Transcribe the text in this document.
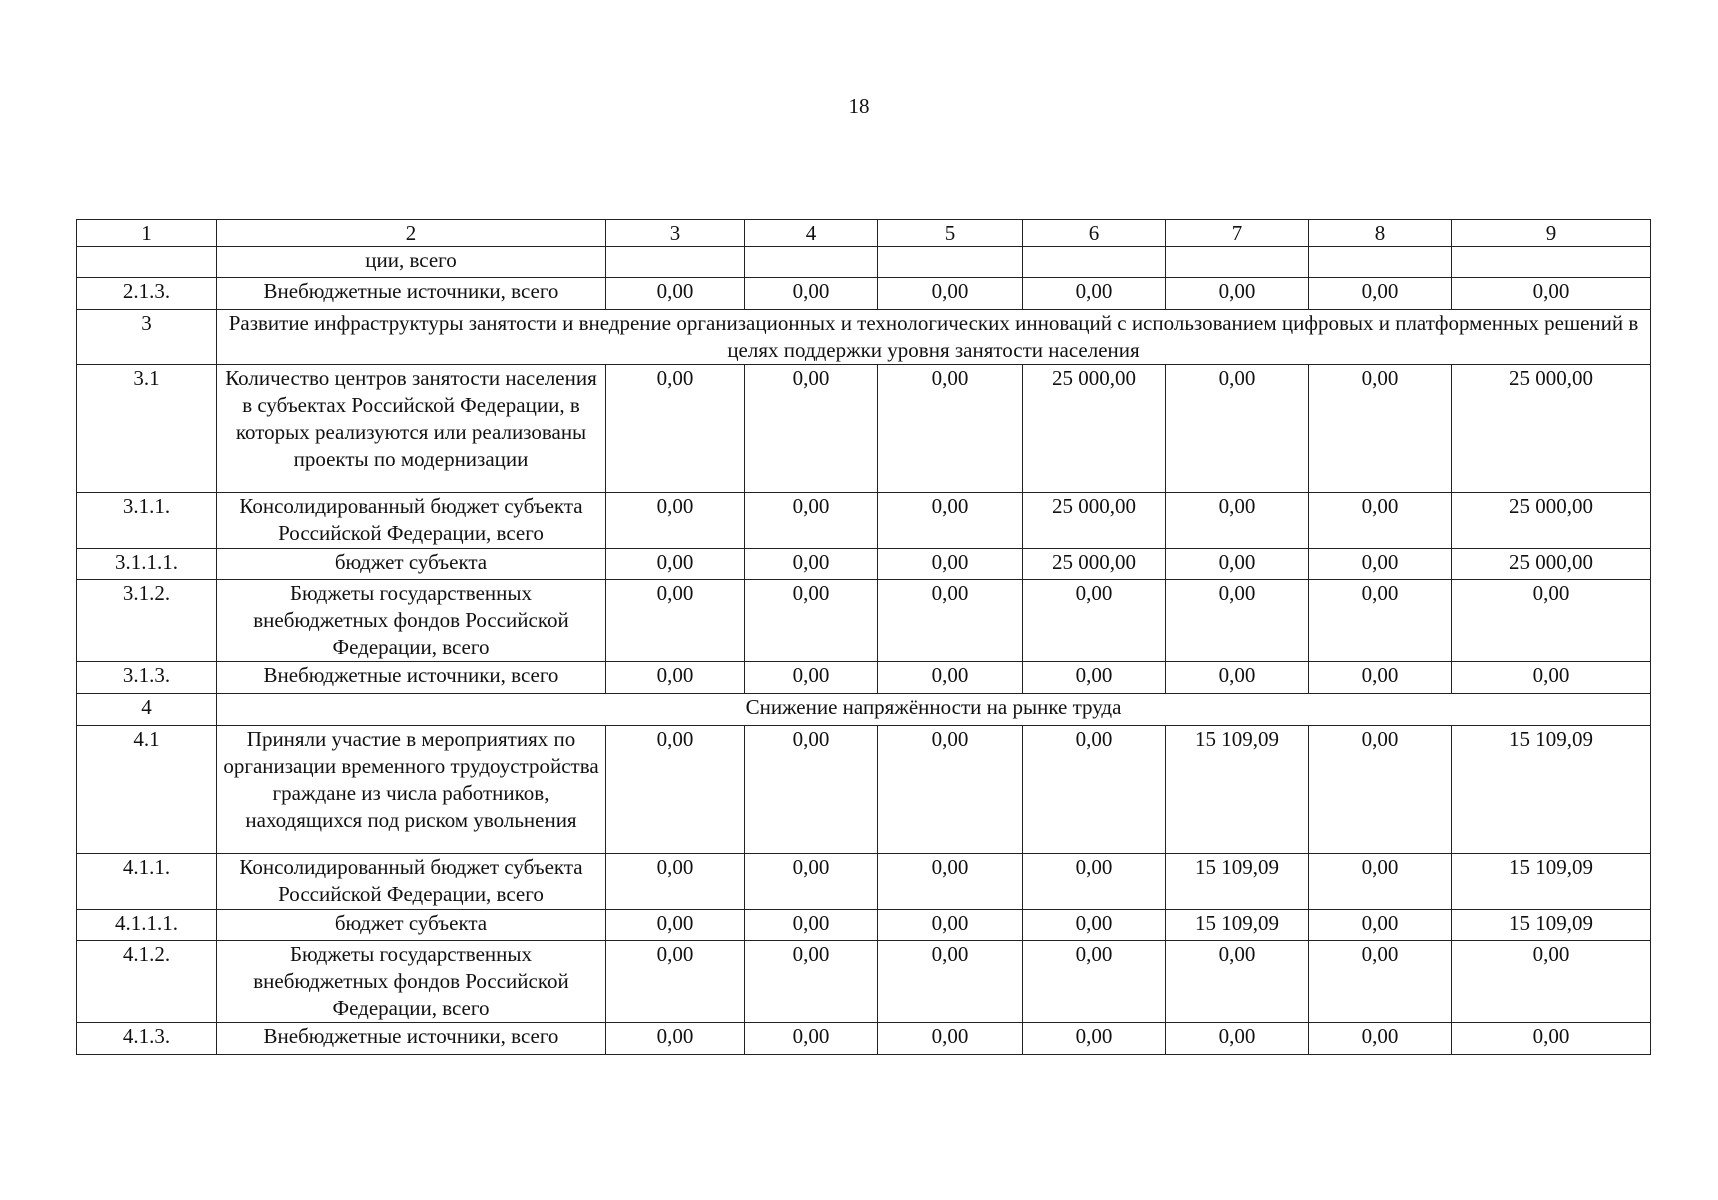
18
1	2	3	4	5	6	7	8	9
	ции, всего							
2.1.3.	Внебюджетные источники, всего	0,00	0,00	0,00	0,00	0,00	0,00	0,00
3	Развитие инфраструктуры занятости и внедрение организационных и технологических инноваций с использованием цифровых и платформенных решений в целях поддержки уровня занятости населения							
3.1	Количество центров занятости населения в субъектах Российской Федерации, в которых реализуются или реализованы проекты по модернизации	0,00	0,00	0,00	25 000,00	0,00	0,00	25 000,00
3.1.1.	Консолидированный бюджет субъекта Российской Федерации, всего	0,00	0,00	0,00	25 000,00	0,00	0,00	25 000,00
3.1.1.1.	бюджет субъекта	0,00	0,00	0,00	25 000,00	0,00	0,00	25 000,00
3.1.2.	Бюджеты государственных внебюджетных фондов Российской Федерации, всего	0,00	0,00	0,00	0,00	0,00	0,00	0,00
3.1.3.	Внебюджетные источники, всего	0,00	0,00	0,00	0,00	0,00	0,00	0,00
4	Снижение напряжённости на рынке труда							
4.1	Приняли участие в мероприятиях по организации временного трудоустройства граждане из числа работников, находящихся под риском увольнения	0,00	0,00	0,00	0,00	15 109,09	0,00	15 109,09
4.1.1.	Консолидированный бюджет субъекта Российской Федерации, всего	0,00	0,00	0,00	0,00	15 109,09	0,00	15 109,09
4.1.1.1.	бюджет субъекта	0,00	0,00	0,00	0,00	15 109,09	0,00	15 109,09
4.1.2.	Бюджеты государственных внебюджетных фондов Российской Федерации, всего	0,00	0,00	0,00	0,00	0,00	0,00	0,00
4.1.3.	Внебюджетные источники, всего	0,00	0,00	0,00	0,00	0,00	0,00	0,00
